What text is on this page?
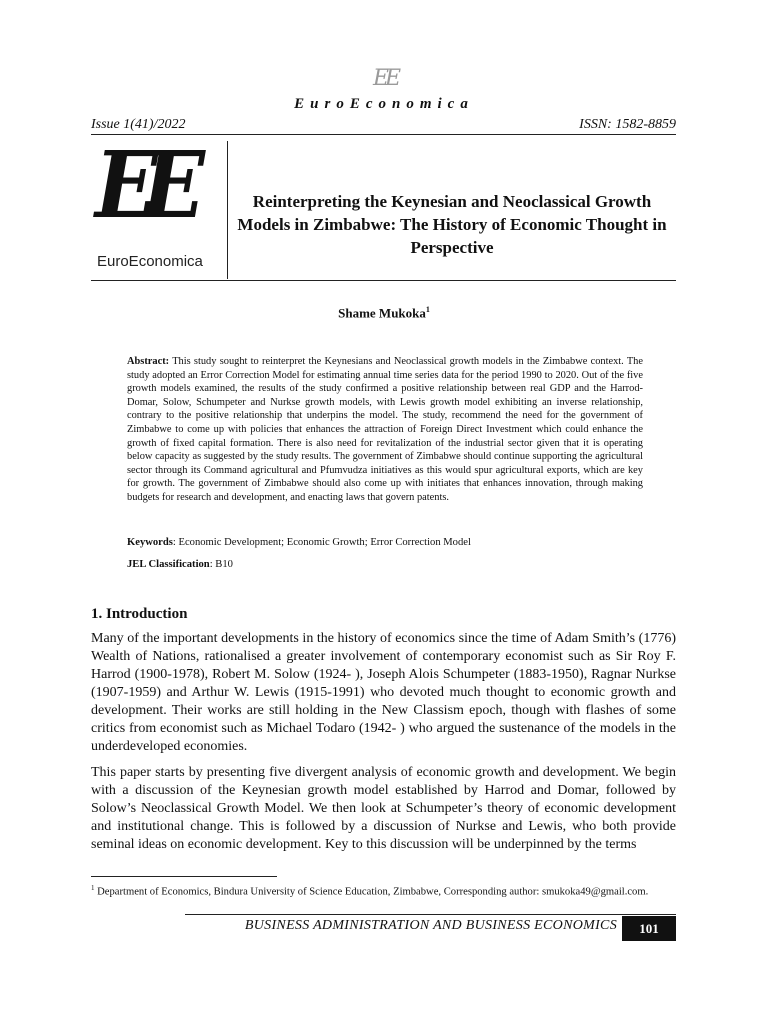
EE
EuroEconomica
Issue 1(41)/2022	ISSN: 1582-8859
EE
EuroEconomica
Reinterpreting the Keynesian and Neoclassical Growth Models in Zimbabwe: The History of Economic Thought in Perspective
Shame Mukoka$^1$
Abstract: This study sought to reinterpret the Keynesians and Neoclassical growth models in the Zimbabwe context. The study adopted an Error Correction Model for estimating annual time series data for the period 1990 to 2020. Out of the five growth models examined, the results of the study confirmed a positive relationship between real GDP and the Harrod-Domar, Solow, Schumpeter and Nurkse growth models, with Lewis growth model exhibiting an inverse relationship, contrary to the positive relationship that underpins the model. The study, recommend the need for the government of Zimbabwe to come up with policies that enhances the attraction of Foreign Direct Investment which could enhance the growth of fixed capital formation. There is also need for revitalization of the industrial sector given that it is operating below capacity as suggested by the study results. The government of Zimbabwe should continue supporting the agricultural sector through its Command agricultural and Pfumvudza initiatives as this would spur agricultural exports, which are key for growth. The government of Zimbabwe should also come up with initiates that enhances innovation, through making budgets for research and development, and enacting laws that govern patents.
Keywords: Economic Development; Economic Growth; Error Correction Model
JEL Classification: B10
1. Introduction
Many of the important developments in the history of economics since the time of Adam Smith’s (1776) Wealth of Nations, rationalised a greater involvement of contemporary economist such as Sir Roy F. Harrod (1900-1978), Robert M. Solow (1924- ), Joseph Alois Schumpeter (1883-1950), Ragnar Nurkse (1907-1959) and Arthur W. Lewis (1915-1991) who devoted much thought to economic growth and development. Their works are still holding in the New Classism epoch, though with flashes of some critics from economist such as Michael Todaro (1942- ) who argued the sustenance of the models in the underdeveloped economies.
This paper starts by presenting five divergent analysis of economic growth and development. We begin with a discussion of the Keynesian growth model established by Harrod and Domar, followed by Solow’s Neoclassical Growth Model. We then look at Schumpeter’s theory of economic development and institutional change. This is followed by a discussion of Nurkse and Lewis, who both provide seminal ideas on economic development. Key to this discussion will be underpinned by the terms
$^1$ Department of Economics, Bindura University of Science Education, Zimbabwe, Corresponding author: smukoka49@gmail.com.
BUSINESS ADMINISTRATION AND BUSINESS ECONOMICS	101
